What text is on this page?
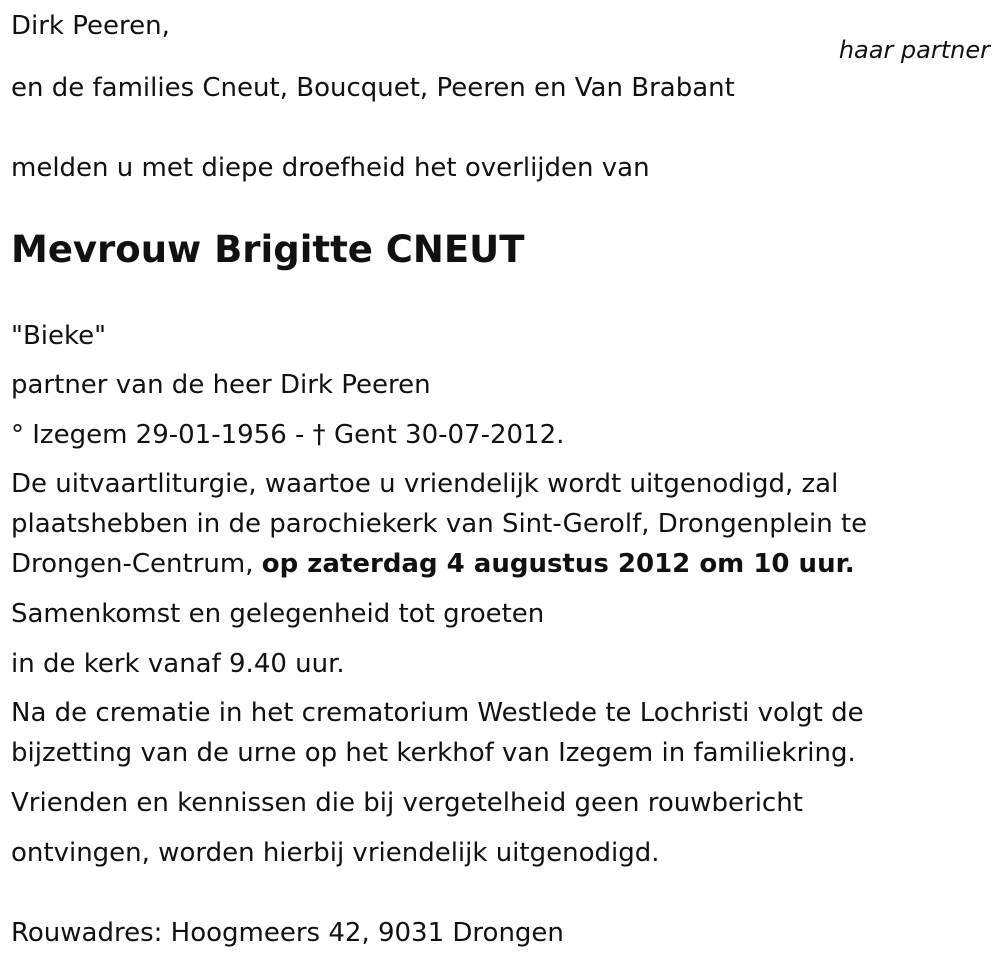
Dirk Peeren,
haar partner
en de families Cneut, Boucquet, Peeren en Van Brabant
melden u met diepe droefheid het overlijden van
Mevrouw Brigitte CNEUT
"Bieke"
partner van de heer Dirk Peeren
° Izegem 29-01-1956 - † Gent 30-07-2012.
De uitvaartliturgie, waartoe u vriendelijk wordt uitgenodigd, zal
plaatshebben in de parochiekerk van Sint-Gerolf, Drongenplein te
Drongen-Centrum, op zaterdag 4 augustus 2012 om 10 uur.
Samenkomst en gelegenheid tot groeten
in de kerk vanaf 9.40 uur.
Na de crematie in het crematorium Westlede te Lochristi volgt de
bijzetting van de urne op het kerkhof van Izegem in familiekring.
Vrienden en kennissen die bij vergetelheid geen rouwbericht
ontvingen, worden hierbij vriendelijk uitgenodigd.
Rouwadres: Hoogmeers 42, 9031 Drongen
